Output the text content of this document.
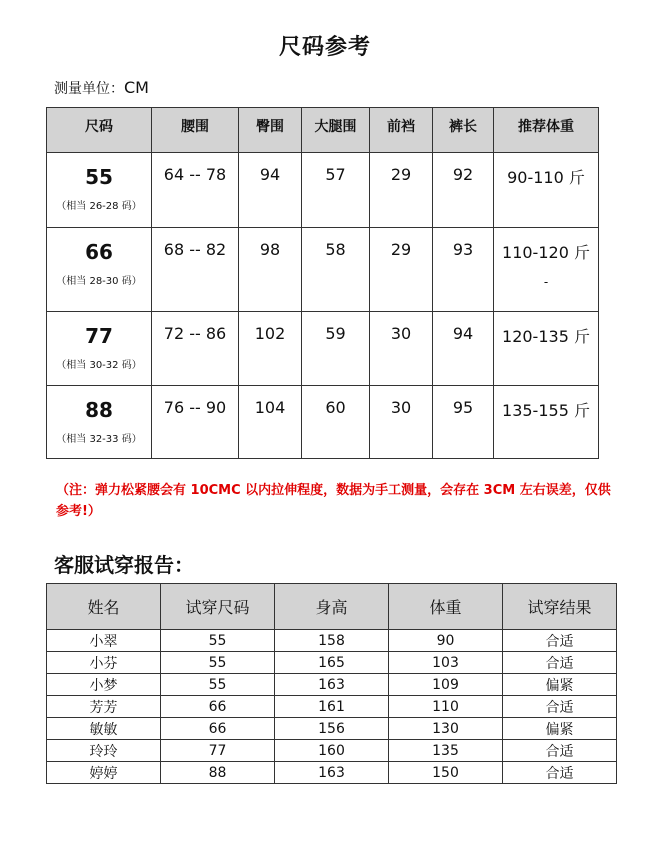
尺码参考
测量单位：CM
尺码	腰围	臀围	大腿围	前裆	裤长	推荐体重

55
（相当 26-28 码）	64 -- 78	94	57	29	92	90-110 斤

66
（相当 28-30 码）	68 -- 82	98	58	29	93	110-120 斤
-

77
（相当 30-32 码）	72 -- 86	102	59	30	94	120-135 斤

88
（相当 32-33 码）	76 -- 90	104	60	30	95	135-155 斤
（注：弹力松紧腰会有 10CMC 以内拉伸程度，数据为手工测量，会存在 3CM 左右误差，仅供参考!）
客服试穿报告：
姓名	试穿尺码	身高	体重	试穿结果
小翠	55	158	90	合适
小芬	55	165	103	合适
小梦	55	163	109	偏紧
芳芳	66	161	110	合适
敏敏	66	156	130	偏紧
玲玲	77	160	135	合适
婷婷	88	163	150	合适
